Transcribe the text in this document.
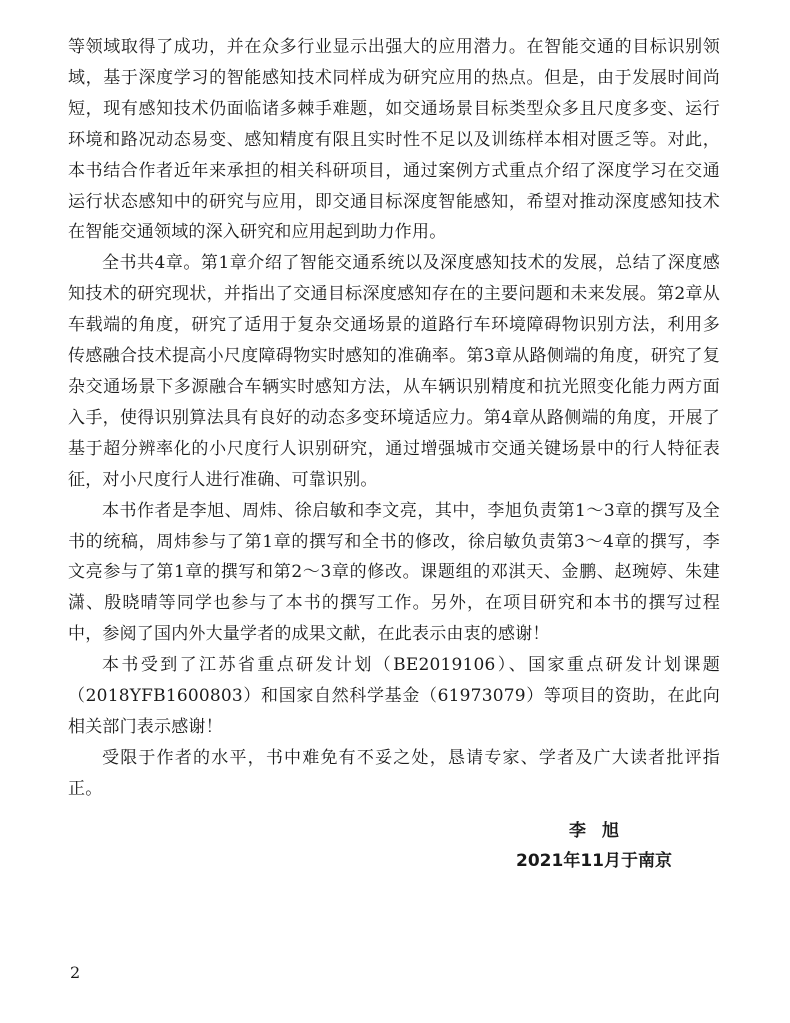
等领域取得了成功，并在众多行业显示出强大的应用潜力。在智能交通的目标识别领域，基于深度学习的智能感知技术同样成为研究应用的热点。但是，由于发展时间尚短，现有感知技术仍面临诸多棘手难题，如交通场景目标类型众多且尺度多变、运行环境和路况动态易变、感知精度有限且实时性不足以及训练样本相对匮乏等。对此，本书结合作者近年来承担的相关科研项目，通过案例方式重点介绍了深度学习在交通运行状态感知中的研究与应用，即交通目标深度智能感知，希望对推动深度感知技术在智能交通领域的深入研究和应用起到助力作用。

全书共4章。第1章介绍了智能交通系统以及深度感知技术的发展，总结了深度感知技术的研究现状，并指出了交通目标深度感知存在的主要问题和未来发展。第2章从车载端的角度，研究了适用于复杂交通场景的道路行车环境障碍物识别方法，利用多传感融合技术提高小尺度障碍物实时感知的准确率。第3章从路侧端的角度，研究了复杂交通场景下多源融合车辆实时感知方法，从车辆识别精度和抗光照变化能力两方面入手，使得识别算法具有良好的动态多变环境适应力。第4章从路侧端的角度，开展了基于超分辨率化的小尺度行人识别研究，通过增强城市交通关键场景中的行人特征表征，对小尺度行人进行准确、可靠识别。

本书作者是李旭、周炜、徐启敏和李文亮，其中，李旭负责第1～3章的撰写及全书的统稿，周炜参与了第1章的撰写和全书的修改，徐启敏负责第3～4章的撰写，李文亮参与了第1章的撰写和第2～3章的修改。课题组的邓淇天、金鹏、赵琬婷、朱建潇、殷晓晴等同学也参与了本书的撰写工作。另外，在项目研究和本书的撰写过程中，参阅了国内外大量学者的成果文献，在此表示由衷的感谢！

本书受到了江苏省重点研发计划（BE2019106）、国家重点研发计划课题（2018YFB1600803）和国家自然科学基金（61973079）等项目的资助，在此向相关部门表示感谢！

受限于作者的水平，书中难免有不妥之处，恳请专家、学者及广大读者批评指正。

李旭
2021年11月于南京
2
